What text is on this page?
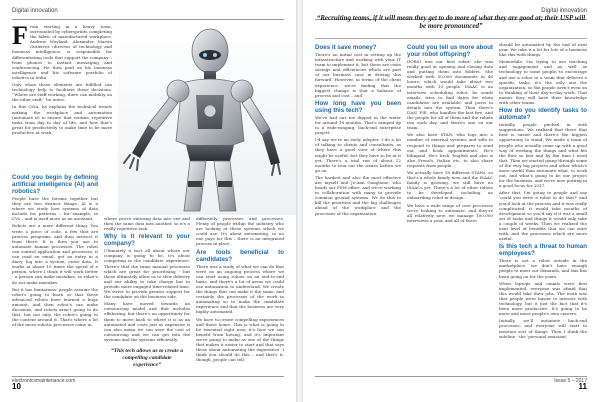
Digital innovation

F rom starting in a heavy town, surrounded by cybersprints completing the fabric of manufactured workplace, Andrew Weyland, Alexander Martin Gutiérrez (director of technology and business intelligence, is responsible for differentiating tools that support the company – from phones to instant messaging and conferencing. He then paid on his business intelligence and his software portfolio of robotics in India.

Only when these elements are fulfilled can technology help to facilitate these decisions. “Where are staff working, there can mobility on the other staff,” he notes.

In this Q&A, he explains the technical trends making the workplace and automation (automate it) to ensure that routine, repetitive tasks from day to day of life, and how that's great for productivity to make time to be more productive at work.

Could you begin by defining artificial intelligence (AI) and robotics?

People have the forums together but they are two distinct things. AI is a where we study how systems of data include for patterns – for example, in CVs – and is used more as an assistant.

Robots are a more different thing. You write a piece of code, a few that are process programs, and then instruct it from there. It is then you use to automate human processes. The robot can control application and processes; it can read an email, get an entry in a diary, log into a system, enter data. It works at about 10 times the speed of a person, where I think it will work better - a person can make mistakes, so robot's do not make mistakes.

But it has limitations: people assume the robot's going to learn or that these advanced robots have learned a huge amount, and then robot's can make decisions, and robots aren't going to do that, but not only, the robot's going to the content around it. That's where a lot of the more robotic processes come in.

where you're entering data into one and then the same data into another, so it's a really repetitive task.

Why is it relevant to your company?

Ultimately it isn't all about where our company is going to be, it's about competing in the candidate experience. There's that the same manual processes which are great for prioritising - but those ultimately allow us to slow delivery and our ability to take charge but to provide more engaged time-related time. We strive to provide greater support for the candidate on the business side.

Many have moved towards an outsourcing model and that includes offshoring, but there's an opportunity for them to move back to where it is as an automated and costs just as expensive it can also mean we can save the cost of outsourcing and we can get into the systems and the systems efficiently.

“This tech allows us to create a compelling candidate experience”

differently processes and processes. Plenty of people within the industry who are looking at these systems which we could use. It's about automating, so no one pays for this – there is an integrated process in place.

Are tools beneficial to candidates?

There was a study of what we can do that were on an ongoing process where we can start using robots on an end-to-end basis, and there's a lot of areas we could use automation to understand. We create the things that can make it the same, and certainly the processes of the work in automating so to make the candidate experience and that the business are very highly automated.

We have to create compelling experiences and those hours. This is what is going to be essential right now, it's how we can benefit from having, and it's important we're going to make as one of the things that makes it easier to start and that says these about automating the experience. I think you should do this – and that's it, though, people can tell.

electronicsmaintenance.com
10
Digital innovation
“Recruiting teams, if it will mean they get to do more of what they are good at; their USP will be more pronounced”
Does it save money?

There's an initial cost in setting up the infrastructure and working with your IT team to implement it, but there are costs savings and efficiencies which are part of our business case in driving this forward. However, in terms of the client experience, we're finding that the biggest change is that a balance of process and cost – and.

How long have you been using this tech?

We've had our toe dipped in the water for around 18 months. That's ramped up to a wide-ranging, back-end enterprise project.

I'd say we're an early adopter. I do a lot of talking to clients and consultants, as they have a good view of where this might be useful, but they have to be at it yet. There's a trial run of about 12 months to iron out the issues before we go on.

The hardest and also the most effective are myself and Jo-Ann Guaglione, who heads our FSM office, and we're working in collaboration with many to provide common ground systems. We do this to kill the priorities and the big challenges ahead of the workplace and the processes of the organization.

Could you tell us more about your robot offspring?

DORSI was our first robot: she was really good at opening and closing data and putting them into folders. She worked with 50,000 documents in 48 hours, which would take about two months with 10 people. ISAAC is an interview scheduling robot, he sends emails, tries to find dates for when candidates are available, and posts to details into the system. Then there's DAN, PIE, who handles the last five, and the people for all of them and the robots run each day, and there's one on our team.

We also have STAN, who logs into a number of external systems and sifts to respond to things and prepares to send out and book appointments. He's bilingual. He's Irish, English and also is also French, Italian etc, to also share requests from people.

We actually have 18 different STANs, so that's a whole family now, and the ISAAC family is growing, we still have no ISAACs yet. There's a lot of other robots to be developed, including an onboarding robot in design.

We have a wide range of core processes we're looking to automate, and they're all relatively new: we manage 100,000 interviews a year, and all of those

should be automated by the end of next year. We take it a lot for lots of a business like this with things.

Meanwhile, I'm trying to use teaching and engagement and as well as technology to some people, to encourage and use a robot to a team that delivers a specific tasks, it's the only one the organization, so the people aren't even on to thinking of their day-to-day work. That means they will have their knowledge with other teams.

How do you identify tasks to automate?

Initially, people pitched in with suggestions. We realized that there that best is easier and there's the biggest opportunity to stand. We made a team of people who actually come up with a good way of working the things and what fits the flow so fast and by the time I need that. Then we started going through some of the very big projects and other which's more useful than automate what, to work out, and what's going to be our project for the business, and we're now putting in a good focus for 2017.

After that, I'm going to people and say 'could you write a robot to do that?' and you'd look at the process and it was really complicated, it would take months of development so you'd say if it was a small set of tasks and things it would only take a couple of weeks. Then we realized the next level of benefits that we can start with, and the processes which are more useful.

Is this tech a threat to human employees?

There is not a robot outside in the marketplace, we don't have enough people to meet our demands, and this has been going on for the years.

When laptops and emails were first implemented, everyone was afraid that this would take their jobs. The truth was that people were busier to interact with technology, but it just the fact that it's been more productive. It's going to be more and more people's own careers.

Initially, we'll automate back-end processes, and everyone will start to mention sort of things. Then I think the sideline - the 'personal assistant'

Issue 5 – 2017
11
